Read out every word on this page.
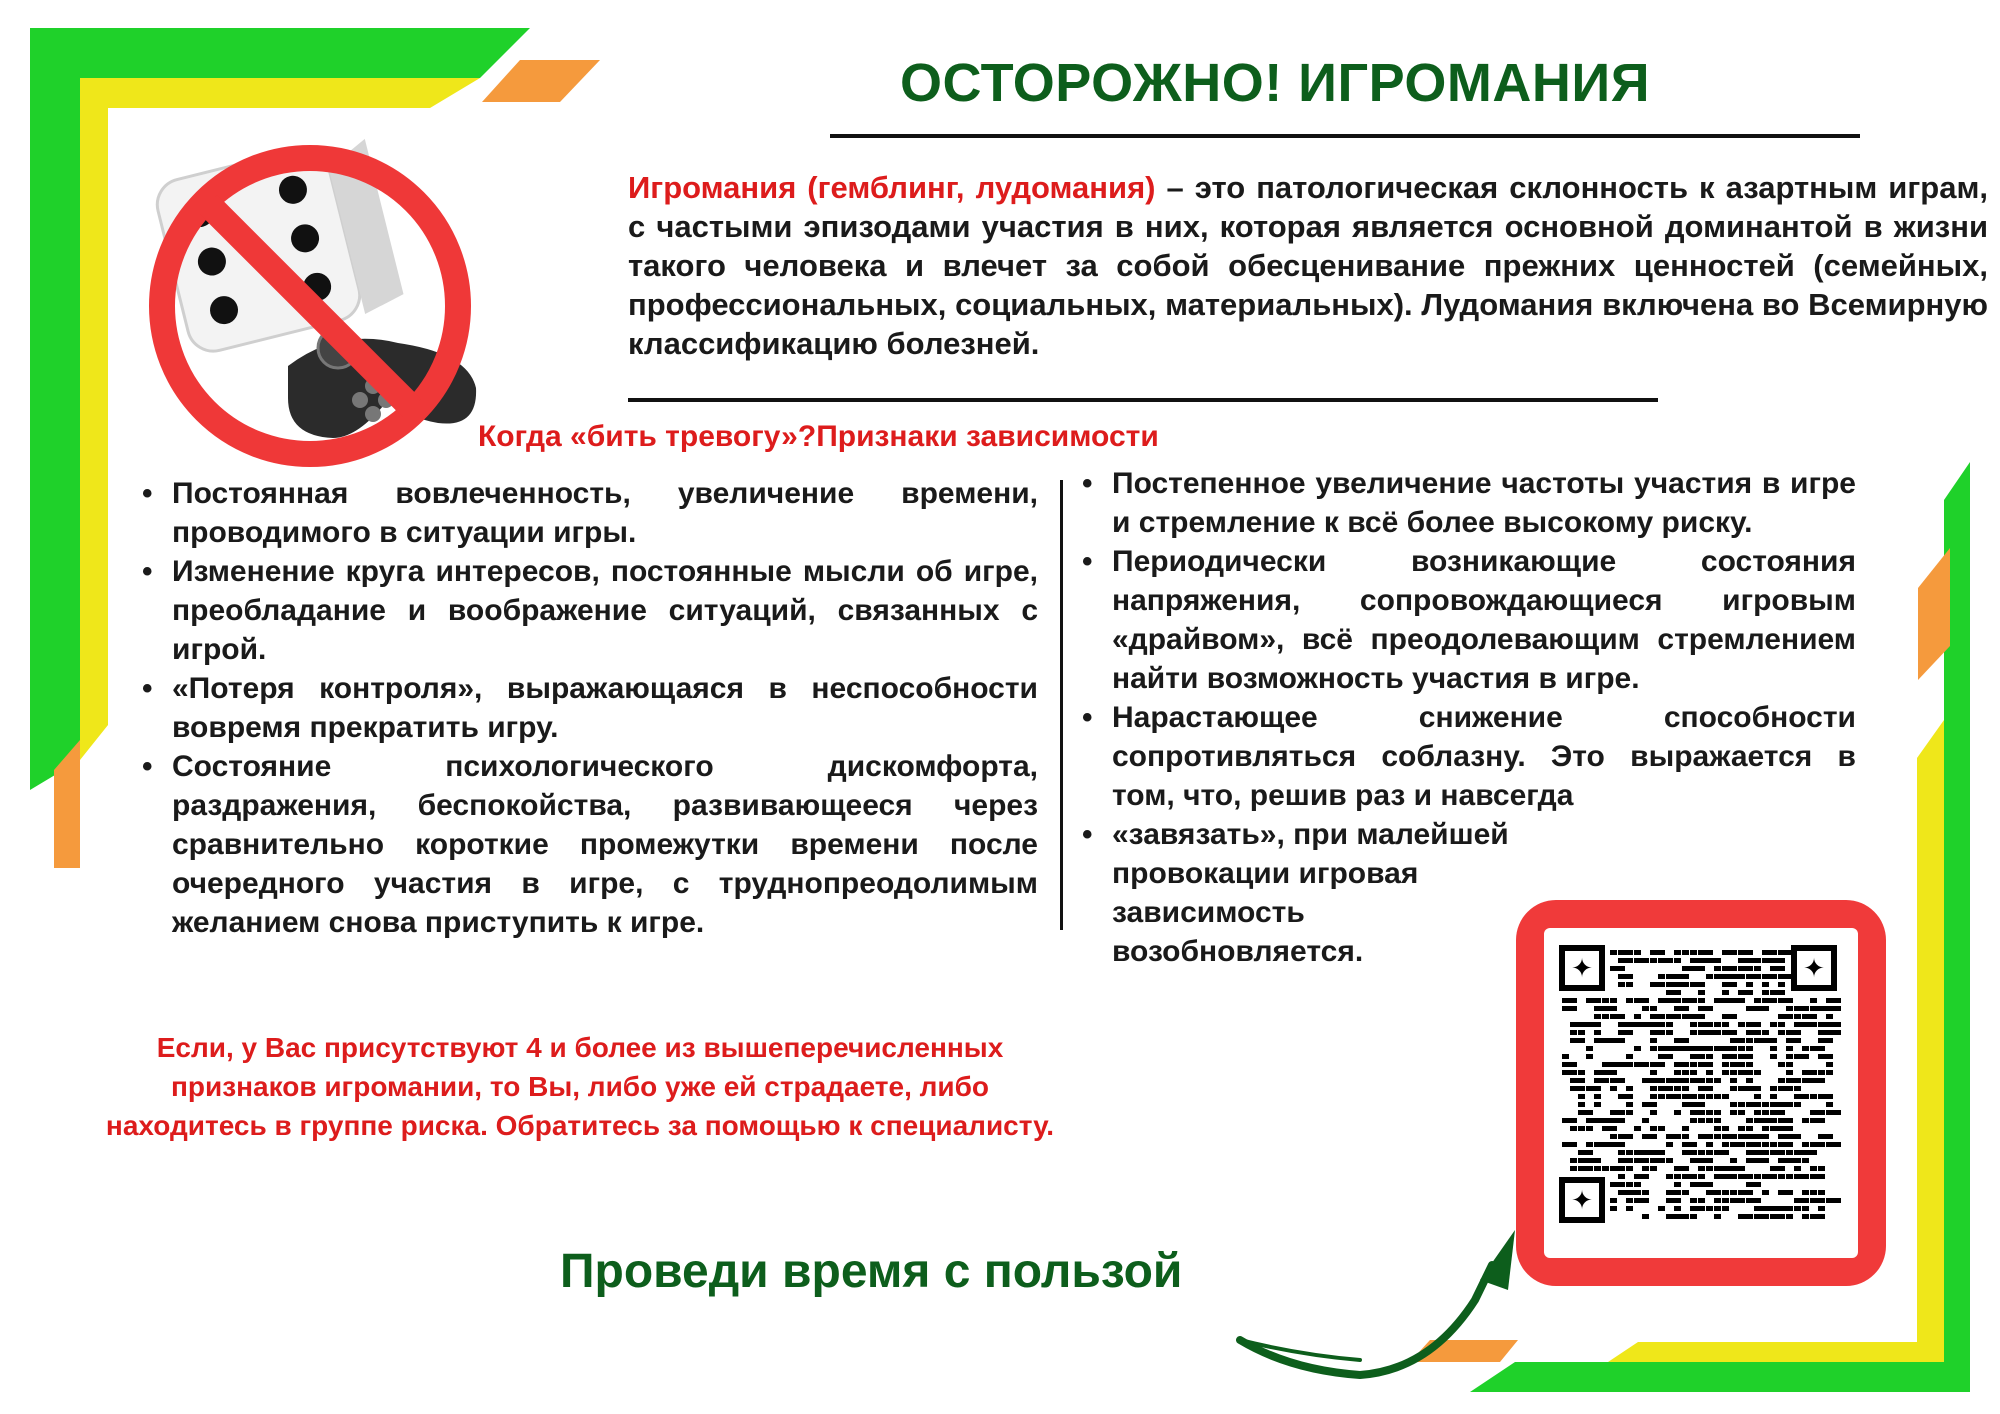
ОСТОРОЖНО! ИГРОМАНИЯ
Игромания (гемблинг, лудомания) – это патологическая склонность к азартным играм, с частыми эпизодами участия в них, которая является основной доминантой в жизни такого человека и влечет за собой обесценивание прежних ценностей (семейных, профессиональных, социальных, материальных). Лудомания включена во Всемирную классификацию болезней.
Когда «бить тревогу»?Признаки зависимости
• Постоянная вовлеченность, увеличение времени, проводимого в ситуации игры.
• Изменение круга интересов, постоянные мысли об игре, преобладание и воображение ситуаций, связанных с игрой.
• «Потеря контроля», выражающаяся в неспособности вовремя прекратить игру.
• Состояние психологического дискомфорта, раздражения, беспокойства, развивающееся через сравнительно короткие промежутки времени после очередного участия в игре, с труднопреодолимым желанием снова приступить к игре.
• Постепенное увеличение частоты участия в игре и стремление к всё более высокому риску.
• Периодически возникающие состояния напряжения, сопровождающиеся игровым «драйвом», всё преодолевающим стремлением найти возможность участия в игре.
• Нарастающее снижение способности сопротивляться соблазну. Это выражается в том, что, решив раз и навсегда
• «завязать», при малейшей провокации игровая зависимость возобновляется.
Если, у Вас присутствуют 4 и более из вышеперечисленных признаков игромании, то Вы, либо уже ей страдаете, либо находитесь в группе риска. Обратитесь за помощью к специалисту.
Проведи время с пользой
✦	✦
✦
